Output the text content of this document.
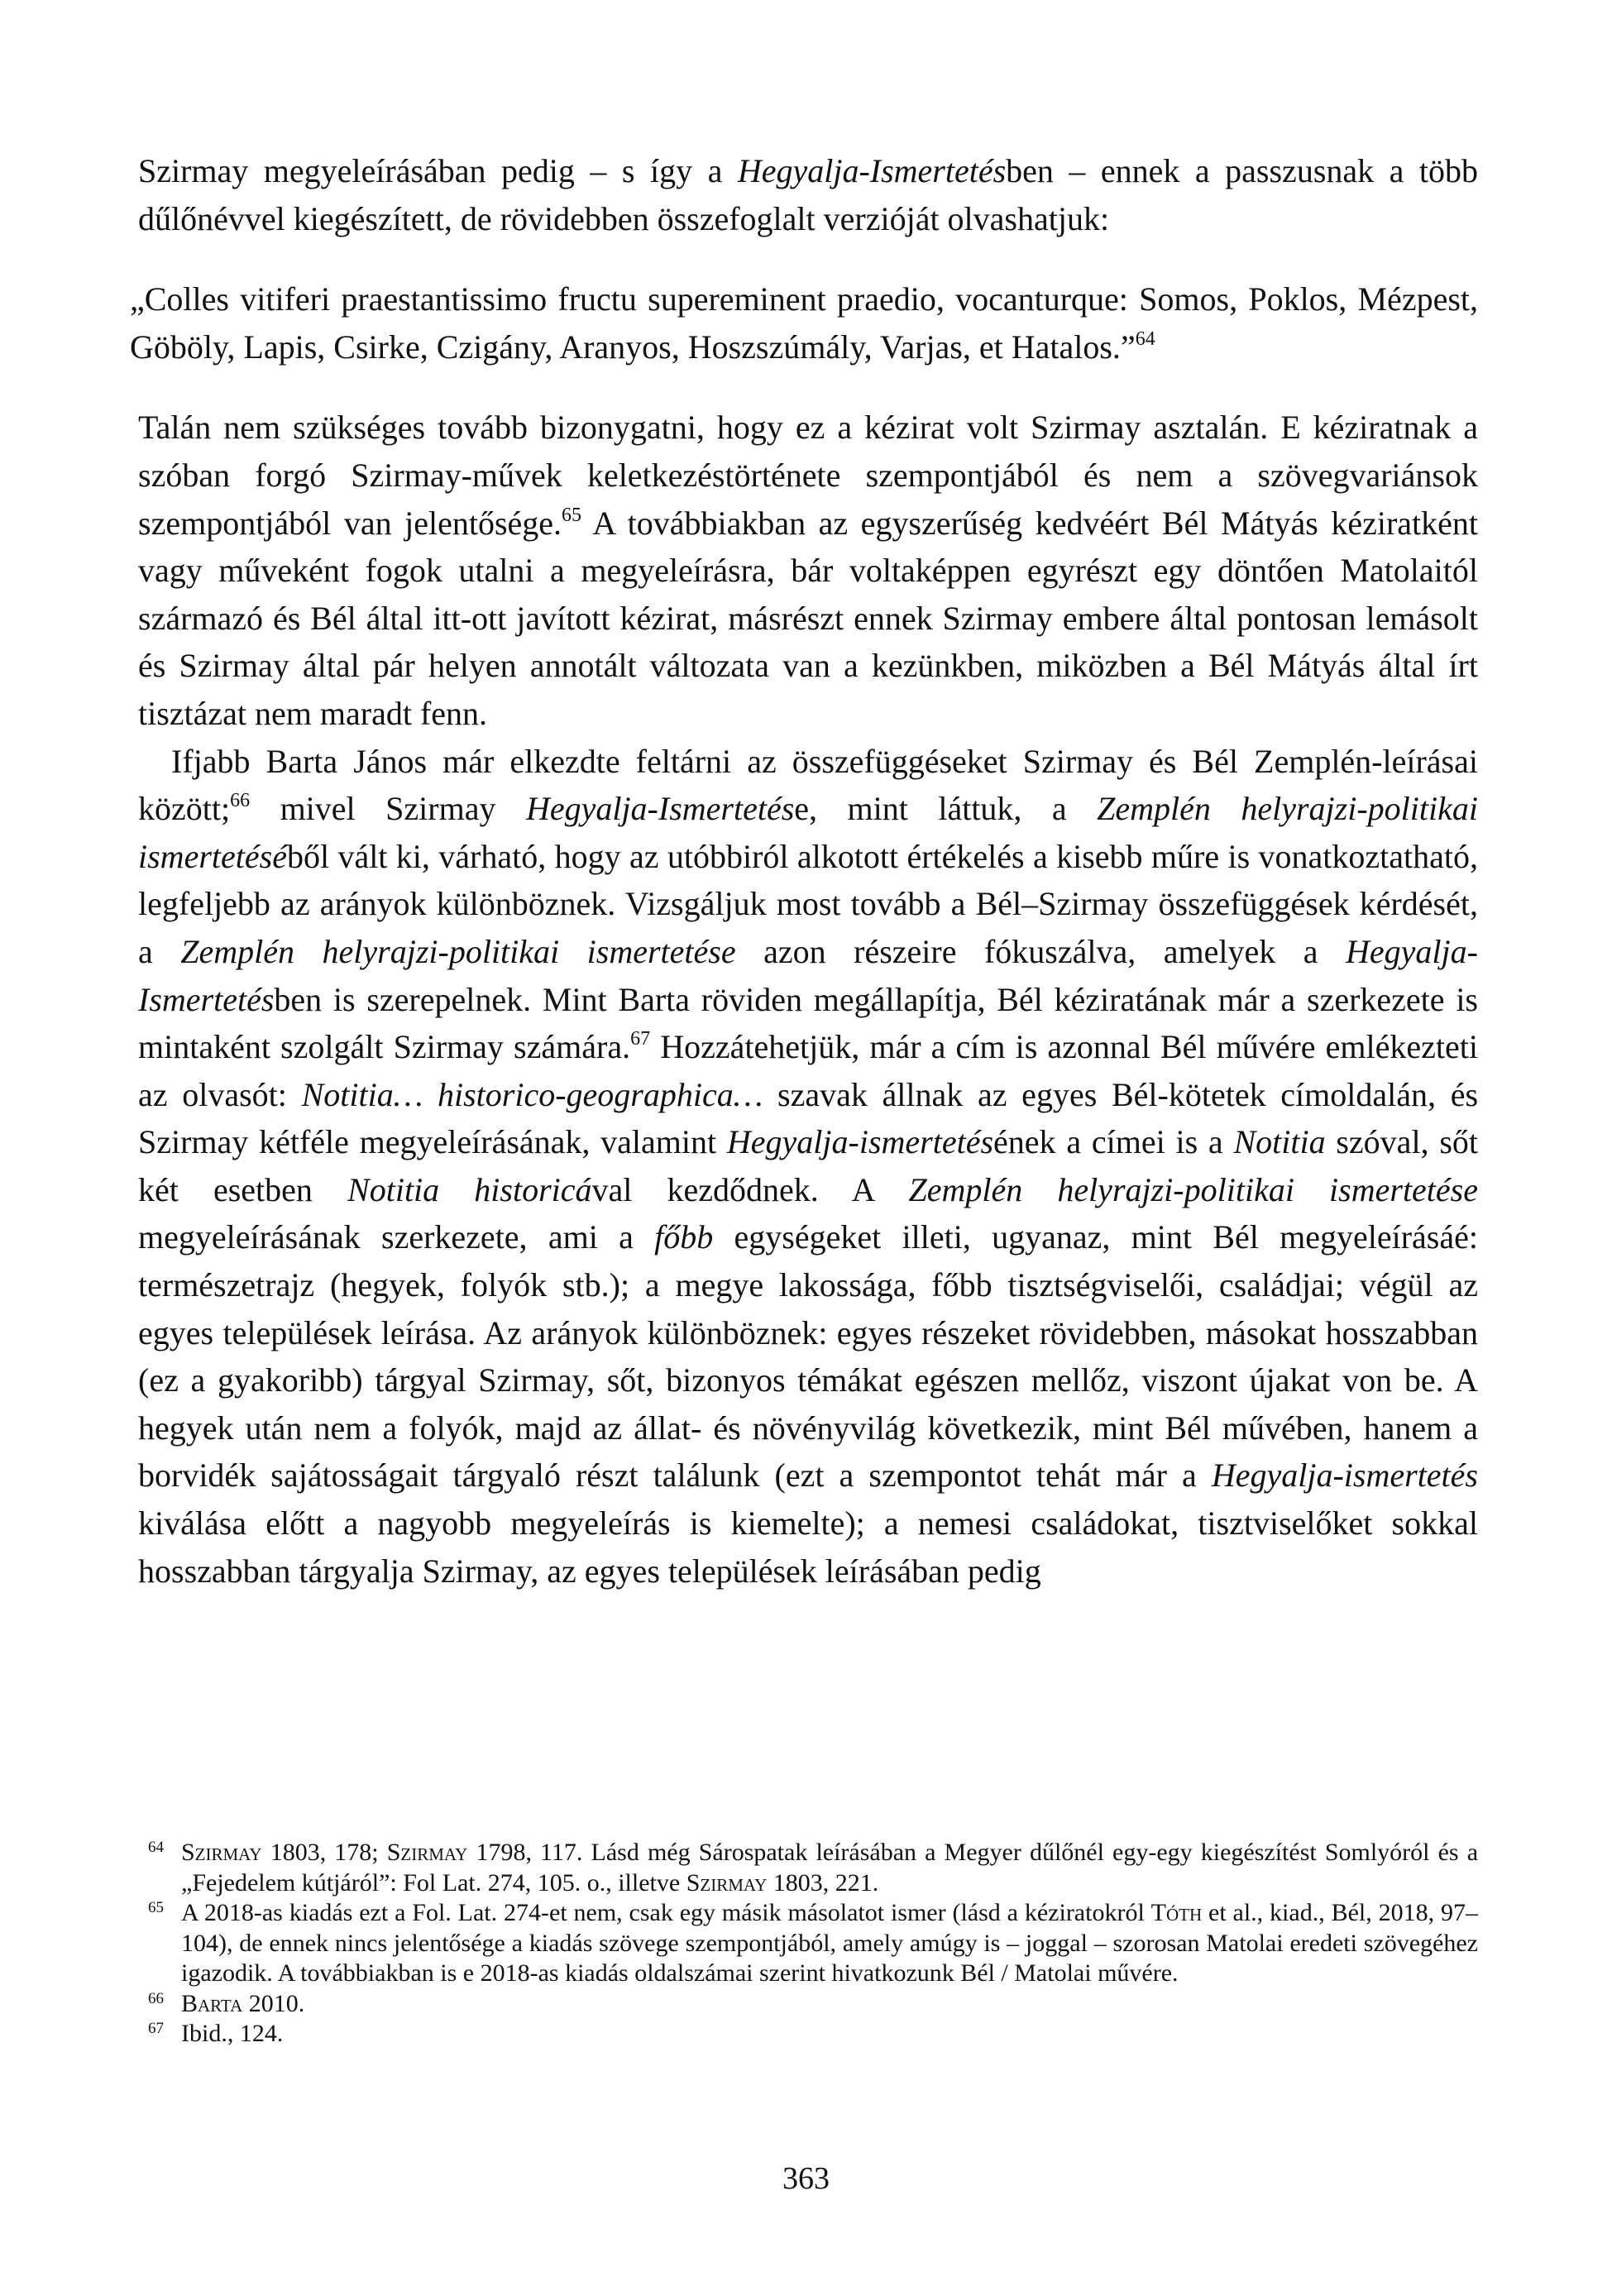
Szirmay megyeleírásában pedig – s így a Hegyalja-Ismertetésben – ennek a passzusnak a több dűlőnévvel kiegészített, de rövidebben összefoglalt verzióját olvashatjuk:

„Colles vitiferi praestantissimo fructu supereminent praedio, vocanturque: Somos, Poklos, Mézpest, Göböly, Lapis, Csirke, Czigány, Aranyos, Hoszszúmály, Varjas, et Hatalos.”$^{64}$

Talán nem szükséges tovább bizonygatni, hogy ez a kézirat volt Szirmay asztalán. E kéziratnak a szóban forgó Szirmay-művek keletkezéstörténete szempontjából és nem a szövegvariánsok szempontjából van jelentősége.$^{65}$ A továbbiakban az egyszerűség kedvéért Bél Mátyás kéziratként vagy műveként fogok utalni a megyeleírásra, bár voltaképpen egyrészt egy döntően Matolaitól származó és Bél által itt-ott javított kézirat, másrészt ennek Szirmay embere által pontosan lemásolt és Szirmay által pár helyen annotált változata van a kezünkben, miközben a Bél Mátyás által írt tisztázat nem maradt fenn.

Ifjabb Barta János már elkezdte feltárni az összefüggéseket Szirmay és Bél Zemplén-leírásai között;$^{66}$ mivel Szirmay Hegyalja-Ismertetése, mint láttuk, a Zemplén helyrajzi-politikai ismertetéséből vált ki, várható, hogy az utóbbiról alkotott értékelés a kisebb műre is vonatkoztatható, legfeljebb az arányok különböznek. Vizsgáljuk most tovább a Bél–Szirmay összefüggések kérdését, a Zemplén helyrajzi-politikai ismertetése azon részeire fókuszálva, amelyek a Hegyalja-Ismertetésben is szerepelnek. Mint Barta röviden megállapítja, Bél kéziratának már a szerkezete is mintaként szolgált Szirmay számára.$^{67}$ Hozzátehetjük, már a cím is azonnal Bél művére emlékezteti az olvasót: Notitia… historico-geographica… szavak állnak az egyes Bél-kötetek címoldalán, és Szirmay kétféle megyeleírásának, valamint Hegyalja-ismertetésének a címei is a Notitia szóval, sőt két esetben Notitia historicával kezdődnek. A Zemplén helyrajzi-politikai ismertetése megyeleírásának szerkezete, ami a főbb egységeket illeti, ugyanaz, mint Bél megyeleírásáé: természetrajz (hegyek, folyók stb.); a megye lakossága, főbb tisztségviselői, családjai; végül az egyes települések leírása. Az arányok különböznek: egyes részeket rövidebben, másokat hosszabban (ez a gyakoribb) tárgyal Szirmay, sőt, bizonyos témákat egészen mellőz, viszont újakat von be. A hegyek után nem a folyók, majd az állat- és növényvilág következik, mint Bél művében, hanem a borvidék sajátosságait tárgyaló részt találunk (ezt a szempontot tehát már a Hegyalja-ismertetés kiválása előtt a nagyobb megyeleírás is kiemelte); a nemesi családokat, tisztviselőket sokkal hosszabban tárgyalja Szirmay, az egyes települések leírásában pedig

64 Szirmay 1803, 178; Szirmay 1798, 117. Lásd még Sárospatak leírásában a Megyer dűlőnél egy-egy kiegészítést Somlyóról és a „Fejedelem kútjáról”: Fol Lat. 274, 105. o., illetve Szirmay 1803, 221.

65 A 2018-as kiadás ezt a Fol. Lat. 274-et nem, csak egy másik másolatot ismer (lásd a kéziratokról Tóth et al., kiad., Bél, 2018, 97–104), de ennek nincs jelentősége a kiadás szövege szempontjából, amely amúgy is – joggal – szorosan Matolai eredeti szövegéhez igazodik. A továbbiakban is e 2018-as kiadás oldalszámai szerint hivatkozunk Bél / Matolai művére.

66 Barta 2010.

67 Ibid., 124.

363
